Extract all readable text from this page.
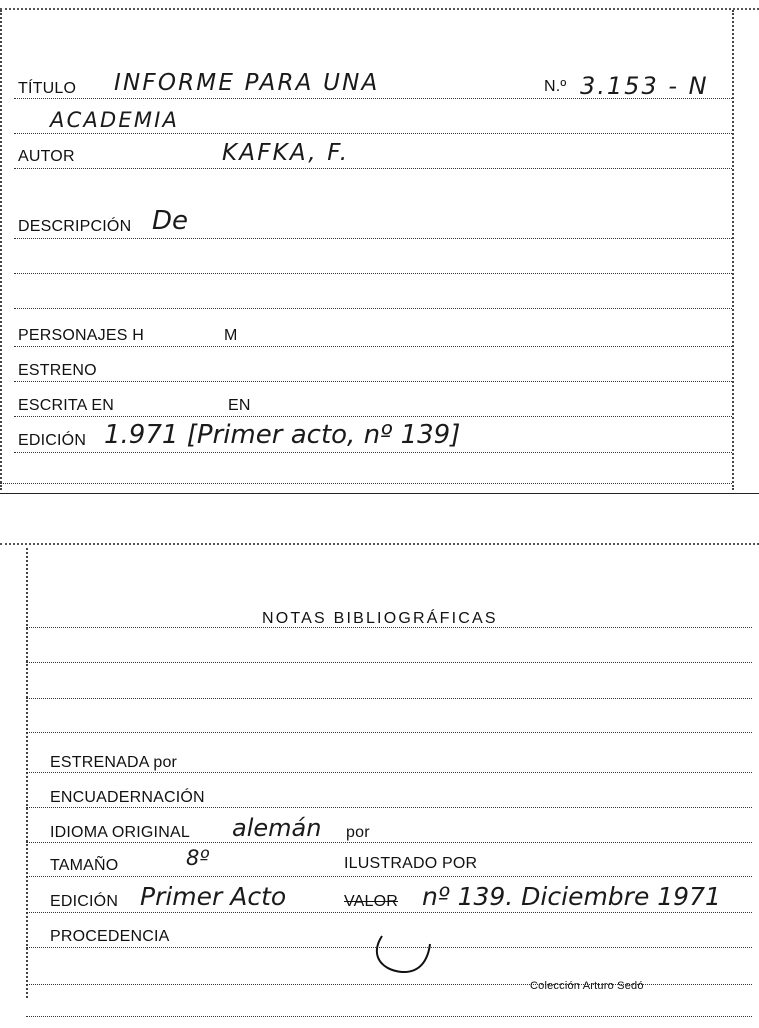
TÍTULO INFORME PARA UNA	N.º 3.153 - N
ACADEMIA
AUTOR	KAFKA, F.
DESCRIPCIÓN De
PERSONAJES H	M
ESTRENO
ESCRITA EN	EN
EDICIÓN 1.971 [Primer acto, nº 139]
NOTAS BIBLIOGRÁFICAS
ESTRENADA por
ENCUADERNACIÓN
IDIOMA ORIGINAL alemán por
TAMAÑO	8º	ILUSTRADO POR
EDICIÓN Primer Acto	VALOR nº 139. Diciembre 1971
PROCEDENCIA
Colección Arturo Sedó
